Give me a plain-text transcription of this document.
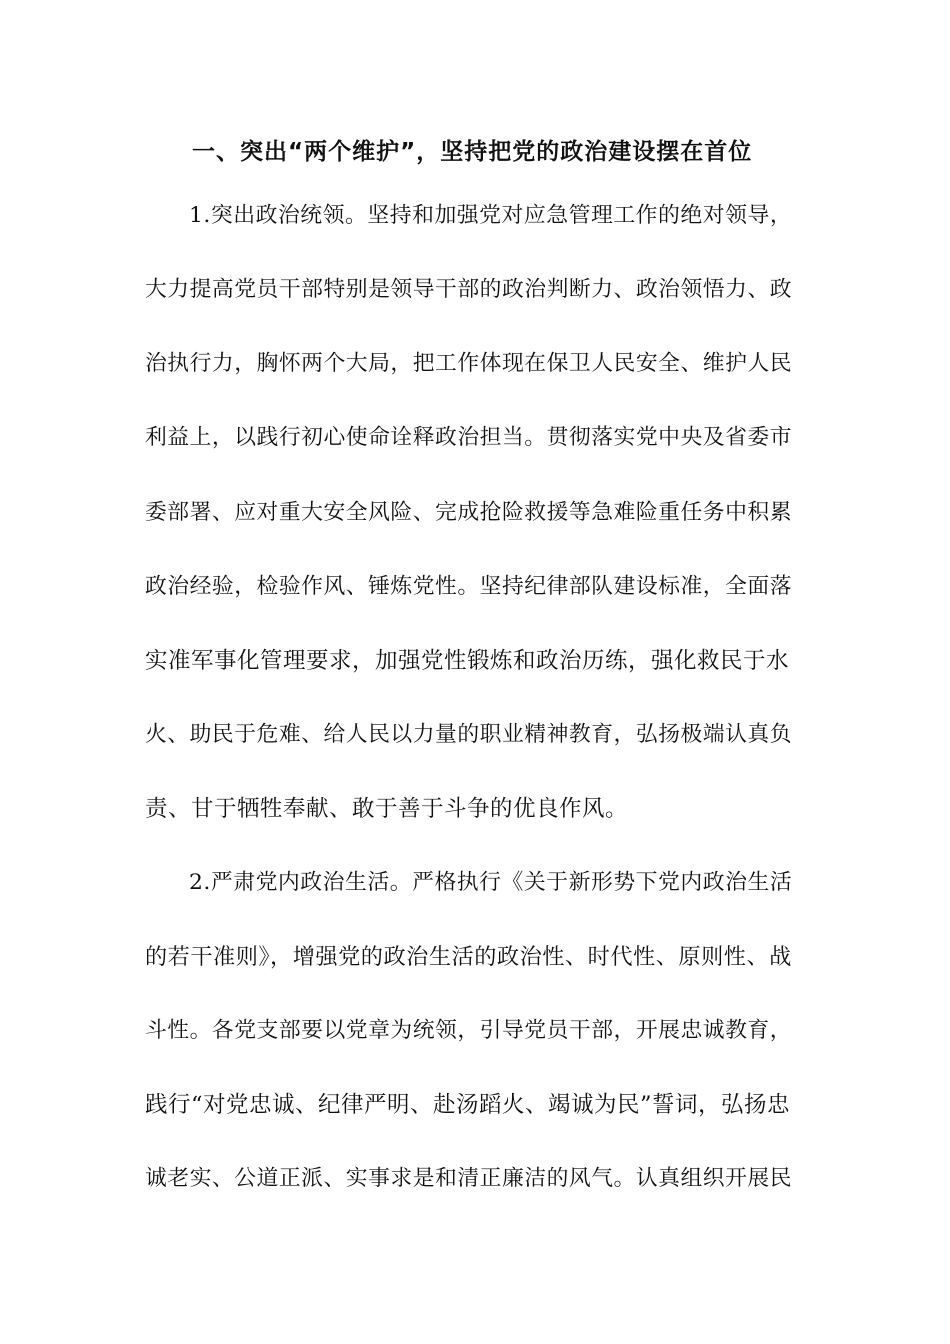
一、突出“两个维护”，坚持把党的政治建设摆在首位
1.突出政治统领。坚持和加强党对应急管理工作的绝对领导，
大力提高党员干部特别是领导干部的政治判断力、政治领悟力、政
治执行力，胸怀两个大局，把工作体现在保卫人民安全、维护人民
利益上，以践行初心使命诠释政治担当。贯彻落实党中央及省委市
委部署、应对重大安全风险、完成抢险救援等急难险重任务中积累
政治经验，检验作风、锤炼党性。坚持纪律部队建设标准，全面落
实准军事化管理要求，加强党性锻炼和政治历练，强化救民于水
火、助民于危难、给人民以力量的职业精神教育，弘扬极端认真负
责、甘于牺牲奉献、敢于善于斗争的优良作风。
2.严肃党内政治生活。严格执行《关于新形势下党内政治生活
的若干准则》，增强党的政治生活的政治性、时代性、原则性、战
斗性。各党支部要以党章为统领，引导党员干部，开展忠诚教育，
践行“对党忠诚、纪律严明、赴汤蹈火、竭诚为民”誓词，弘扬忠
诚老实、公道正派、实事求是和清正廉洁的风气。认真组织开展民
